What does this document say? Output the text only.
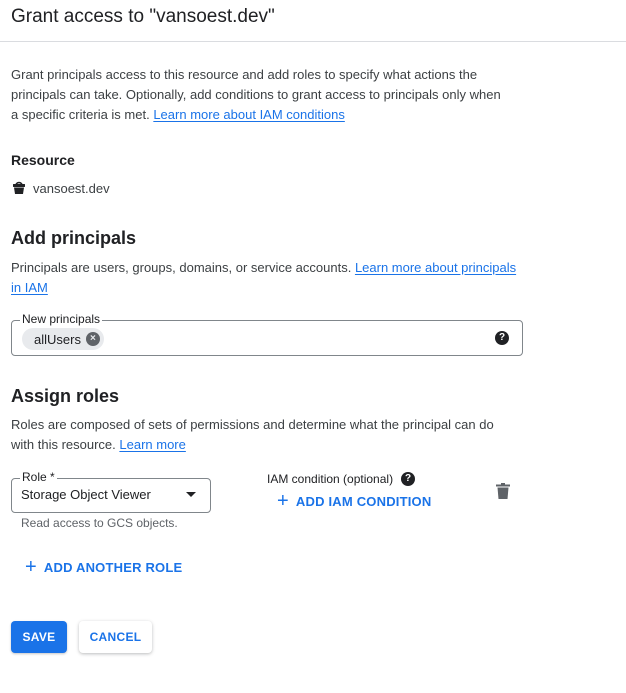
Grant access to "vansoest.dev"
Grant principals access to this resource and add roles to specify what actions the principals can take. Optionally, add conditions to grant access to principals only when a specific criteria is met. Learn more about IAM conditions
Resource
vansoest.dev
Add principals
Principals are users, groups, domains, or service accounts. Learn more about principals in IAM
New principals
allUsers ×	?
Assign roles
Roles are composed of sets of permissions and determine what the principal can do with this resource. Learn more
Role *
Storage Object Viewer
Read access to GCS objects.
IAM condition (optional)	?
+ ADD IAM CONDITION
+ ADD ANOTHER ROLE
SAVE	CANCEL
